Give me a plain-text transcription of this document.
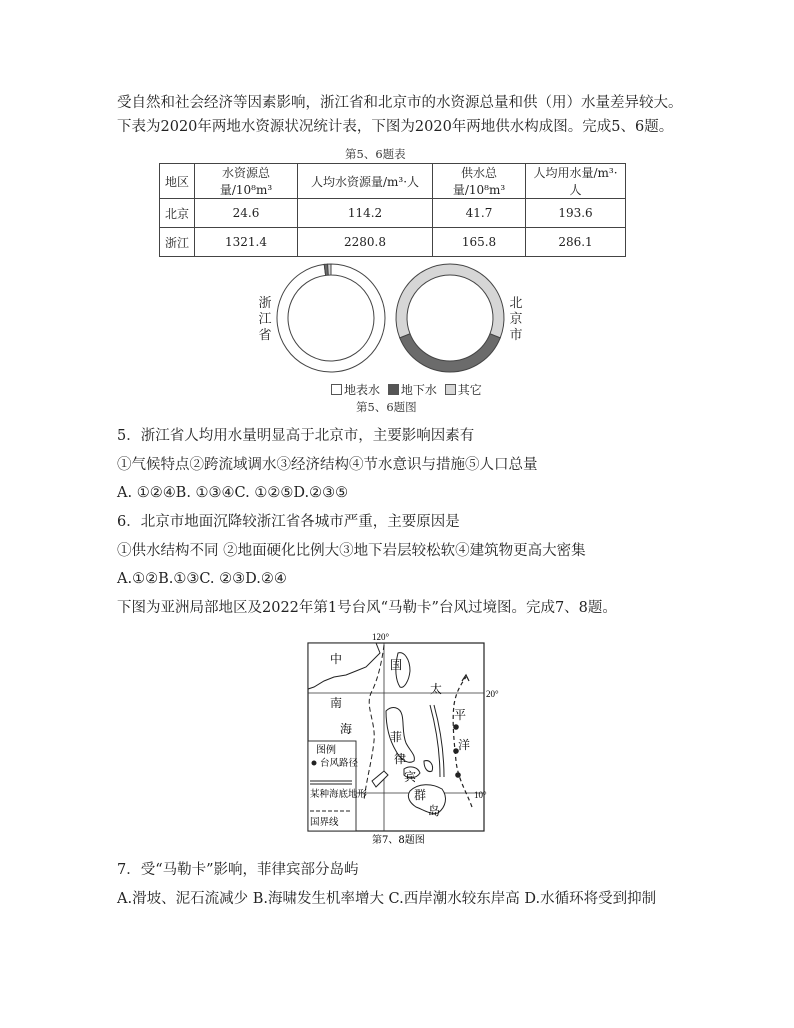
受自然和社会经济等因素影响，浙江省和北京市的水资源总量和供（用）水量差异较大。
下表为2020年两地水资源状况统计表，下图为2020年两地供水构成图。完成5、6题。
第5、6题表
地区	水资源总量/10⁸m³	人均水资源量/m³·人	供水总量/10⁸m³	人均用水量/m³·人
北京	24.6	114.2	41.7	193.6
浙江	1321.4	2280.8	165.8	286.1
浙江省
北京市
地表水 地下水 其它
第5、6题图
5．浙江省人均用水量明显高于北京市，主要影响因素有
①气候特点②跨流域调水③经济结构④节水意识与措施⑤人口总量
A. ①②④B. ①③④C. ①②⑤D.②③⑤
6．北京市地面沉降较浙江省各城市严重，主要原因是
①供水结构不同 ②地面硬化比例大③地下岩层较松软④建筑物更高大密集
A.①②B.①③C. ②③D.②④
下图为亚洲局部地区及2022年第1号台风“马勒卡”台风过境图。完成7、8题。
120°
20°
10°
中	国
南
海
太
平
洋
菲
律
宾
群
岛
图例
台风路径
某种海底地形
国界线
第7、8题图
7．受“马勒卡”影响，菲律宾部分岛屿
A.滑坡、泥石流减少 B.海啸发生机率增大 C.西岸潮水较东岸高 D.水循环将受到抑制
